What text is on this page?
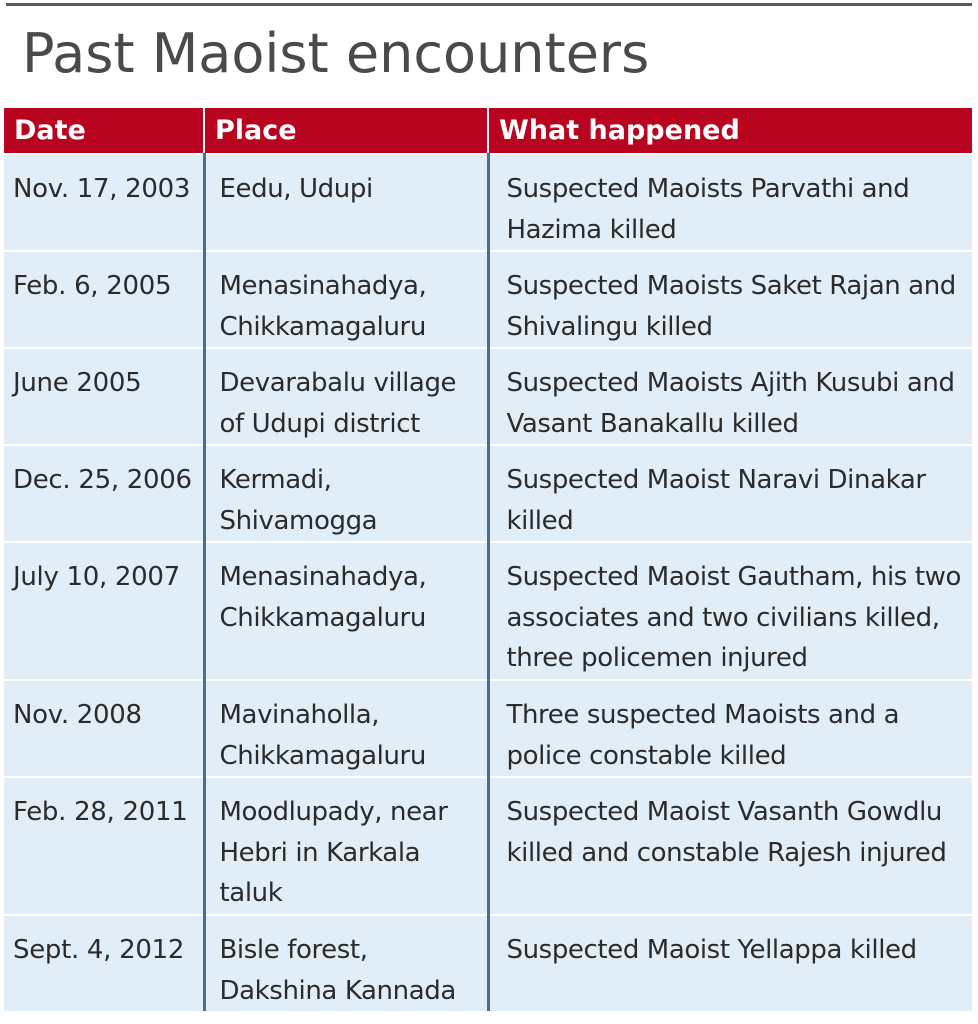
Past Maoist encounters
Date	Place	What happened
Nov. 17, 2003	Eedu, Udupi	Suspected Maoists Parvathi and Hazima killed
Feb. 6, 2005	Menasinahadya, Chikkamagaluru	Suspected Maoists Saket Rajan and Shivalingu killed
June 2005	Devarabalu village of Udupi district	Suspected Maoists Ajith Kusubi and Vasant Banakallu killed
Dec. 25, 2006	Kermadi, Shivamogga	Suspected Maoist Naravi Dinakar killed
July 10, 2007	Menasinahadya, Chikkamagaluru	Suspected Maoist Gautham, his two associates and two civilians killed, three policemen injured
Nov. 2008	Mavinaholla, Chikkamagaluru	Three suspected Maoists and a police constable killed
Feb. 28, 2011	Moodlupady, near Hebri in Karkala taluk	Suspected Maoist Vasanth Gowdlu killed and constable Rajesh injured
Sept. 4, 2012	Bisle forest, Dakshina Kannada	Suspected Maoist Yellappa killed
